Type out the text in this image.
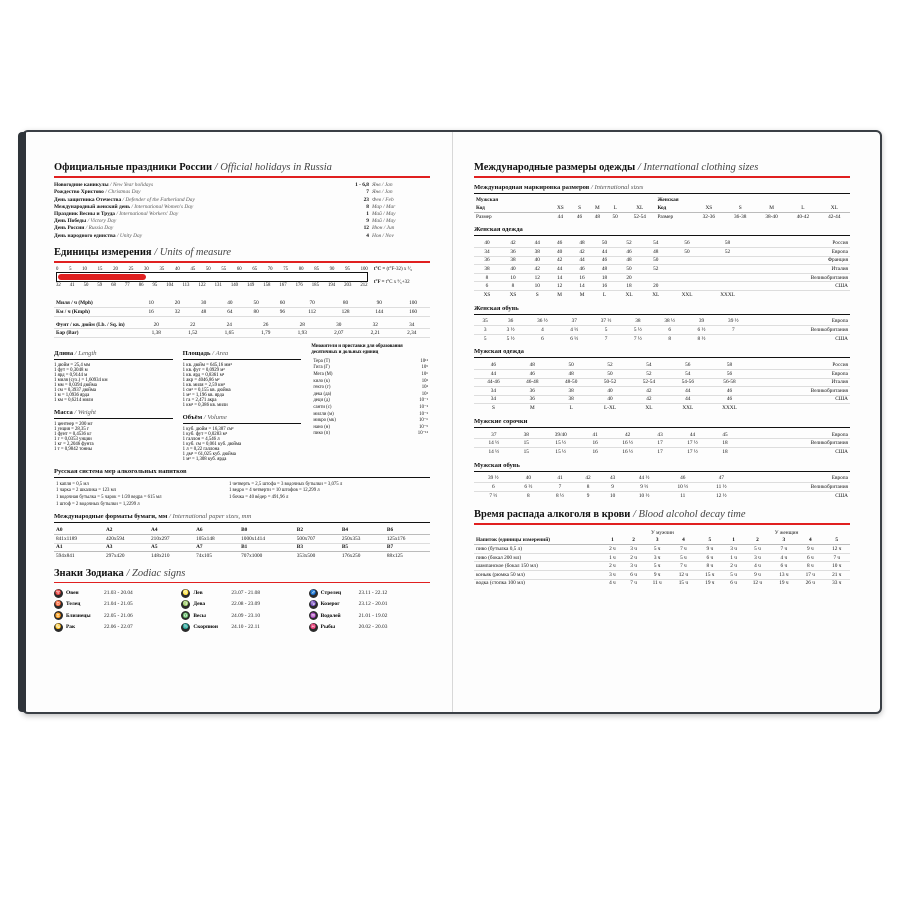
Официальные праздники России / Official holidays in Russia
Новогодние каникулы / New Year holidays	1 - 6,8	Янв / Jan
Рождество Христово / Christmas Day	7	Янв / Jan
День защитника Отечества / Defender of the Fatherland Day	23	Фев / Feb
Международный женский день / International Women's Day	8	Мар / Mar
Праздник Весны и Труда / International Workers' Day	1	Май / May
День Победы / Victory Day	9	Май / May
День России / Russia Day	12	Июн / Jun
День народного единства / Unity Day	4	Ноя / Nov
Единицы измерения / Units of measure
0 5 10 15 20 25 30 35 40 45 50 55 60 65 70 75 80 85 90 95 100
32 41 50 59 68 77 86 95 104 113 122 131 140 149 158 167 176 185 194 203 212

t°C = (t°F-32) x ⁵⁄₉
t°F = t°C x ⁹⁄₅+32
Миля / ч (Mph)	10	20	30	40	50	60	70	80	90	100
Км / ч (Kmph)	16	32	48	64	80	96	112	128	144	160
Фунт / кв. дюйм (Lb. / Sq. in)	20	22	24	26	28	30	32	34
Бар (Bar)	1,38	1,52	1,65	1,79	1,93	2,07	2,21	2,34
Длина / Length
1 дюйм = 25,4 мм
1 фут = 0,3048 м
1 ярд = 0,9144 м
1 миля (сух.) = 1,60934 км
1 мм = 0,0394 дюйма
1 см = 0,3937 дюйма
1 м = 1,0936 ярда
1 км = 0,6214 мили
Масса / Weight
1 центнер = 200 мг
1 унция = 28,35 г
1 фунт = 0,4536 кг
1 г = 0,0353 унции
1 кг = 2,2046 фунта
1 т = 0,9842 тонны
Площадь / Area
1 кв. дюйм = 645,16 мм²
1 кв. фут = 0,0929 м²
1 кв. ярд = 0,8361 м²
1 акр = 4046,86 м²
1 кв. миля = 2,59 км²
1 см² = 0,155 кв. дюйма
1 м² = 1,196 кв. ярда
1 га = 2,471 акра
1 км² = 0,386 кв. мили
Объём / Volume
1 куб. дюйм = 16,387 см³
1 куб. фут = 0,0283 м³
1 галлон = 4,546 л
1 куб. см = 0,061 куб. дюйма
1 л = 0,22 галлона
1 дм³ = 61,025 куб. дюйма
1 м³ = 1,308 куб. ярда
Множители и приставки для образования десятичных и дольных единиц
Тера (Т)	10¹²
Гига (Г)	10⁹
Мега (М)	10⁶
кило (к)	10³
гекто (г)	10²
дека (да)	10¹
деци (д)	10⁻¹
санти (с)	10⁻²
милли (м)	10⁻³
микро (мк)	10⁻⁶
нано (н)	10⁻⁹
пико (п)	10⁻¹²
Русская система мер алкогольных напитков
1 капля = 0,5 мл	1 четверть = 2,5 штофа = 3 водочных бутылки = 3,075 л
1 чарка = 2 шкалика = 123 мл	1 ведро = 4 четверти = 10 штофов = 12,299 л
1 водочная бутылка = 5 чарок = 1/20 ведра = 615 мл	1 бочка = 40 вёдер = 491,96 л
1 штоф = 2 водочных бутылки = 1,2299 л	
Международные форматы бумаги, мм / International paper sizes, mm
A0	A2	A4	A6	B0	B2	B4	B6
841x1189	420x594	210x297	105x148	1000x1414	500x707	250x353	125x176
A1	A3	A5	A7	B1	B3	B5	B7
594x841	297x420	148x210	74x105	707x1000	353x500	176x250	88x125
Знаки Зодиака / Zodiac signs
♈ Овен	21.03 - 20.04
♉ Телец	21.04 - 21.05
♊ Близнецы	22.05 - 21.06
♋ Рак	22.06 - 22.07
♌ Лев	23.07 - 21.08
♍ Дева	22.08 - 23.09
♎ Весы	24.09 - 23.10
♏ Скорпион	24.10 - 22.11
♐ Стрелец	23.11 - 22.12
♑ Козерог	23.12 - 20.01
♒ Водолей	21.01 - 19.02
♓ Рыбы	20.02 - 20.03
Международные размеры одежды / International clothing sizes
Международная маркировка размеров / International sizes
Мужская						Женская					
Код	XS	S	M	L	XL	Код	XS	S	M	L	XL
Размер	44	46	48	50	52-54	Размер	32-36	36-38	38-40	40-42	42-44
Женская одежда
40	42	44	46	48	50	52	54	56	58	Россия
34	36	38	40	42	44	46	48	50	52	Европа
36	38	40	42	44	46	48	50			Франция
38	40	42	44	46	48	50	52			Италия
8	10	12	14	16	18	20				Великобритания
6	8	10	12	14	16	18	20			США
XS	XS	S	M	M	L	XL	XL	XXL	XXXL	
Женская обувь
35	36	36 ½	37	37 ½	38	38 ½	39	39 ½	Европа
3	3 ½	4	4 ½	5	5 ½	6	6 ½	7	Великобритания
5	5 ½	6	6 ½	7	7 ½	8	8 ½		США
Мужская одежда
46	48	50	52	54	56	58	Россия
44	46	48	50	52	54	56	Европа
44-46	46-48	48-50	50-52	52-54	54-56	56-58	Италия
34	36	38	40	42	44	46	Великобритания
34	36	38	40	42	44	46	США
S	M	L	L-XL	XL	XXL	XXXL	
Мужские сорочки
37	38	39/40	41	42	43	44	45	Европа
14 ½	15	15 ½	16	16 ½	17	17 ½	18	Великобритания
14 ½	15	15 ½	16	16 ½	17	17 ½	18	США
Мужская обувь
39 ½	40	41	42	43	44 ½	46	47	Европа
6	6 ½	7	8	9	9 ½	10 ½	11 ½	Великобритания
7 ½	8	8 ½	9	10	10 ½	11	12 ½	США
Время распада алкоголя в крови / Blood alcohol decay time
	У мужчин					У женщин				
Напиток (единицы измерений)	1	2	3	4	5	1	2	3	4	5
пиво (бутылка 0,5 л)	2 ч	3 ч	5 ч	7 ч	9 ч	3 ч	5 ч	7 ч	9 ч	12 ч
пиво (бокал 200 мл)	1 ч	2 ч	3 ч	5 ч	6 ч	1 ч	3 ч	4 ч	6 ч	7 ч
шампанское (бокал 150 мл)	2 ч	3 ч	5 ч	7 ч	8 ч	2 ч	4 ч	6 ч	8 ч	10 ч
коньяк (рюмка 50 мл)	3 ч	6 ч	9 ч	12 ч	15 ч	5 ч	9 ч	13 ч	17 ч	21 ч
водка (стопка 100 мл)	4 ч	7 ч	11 ч	15 ч	19 ч	6 ч	12 ч	19 ч	26 ч	33 ч
